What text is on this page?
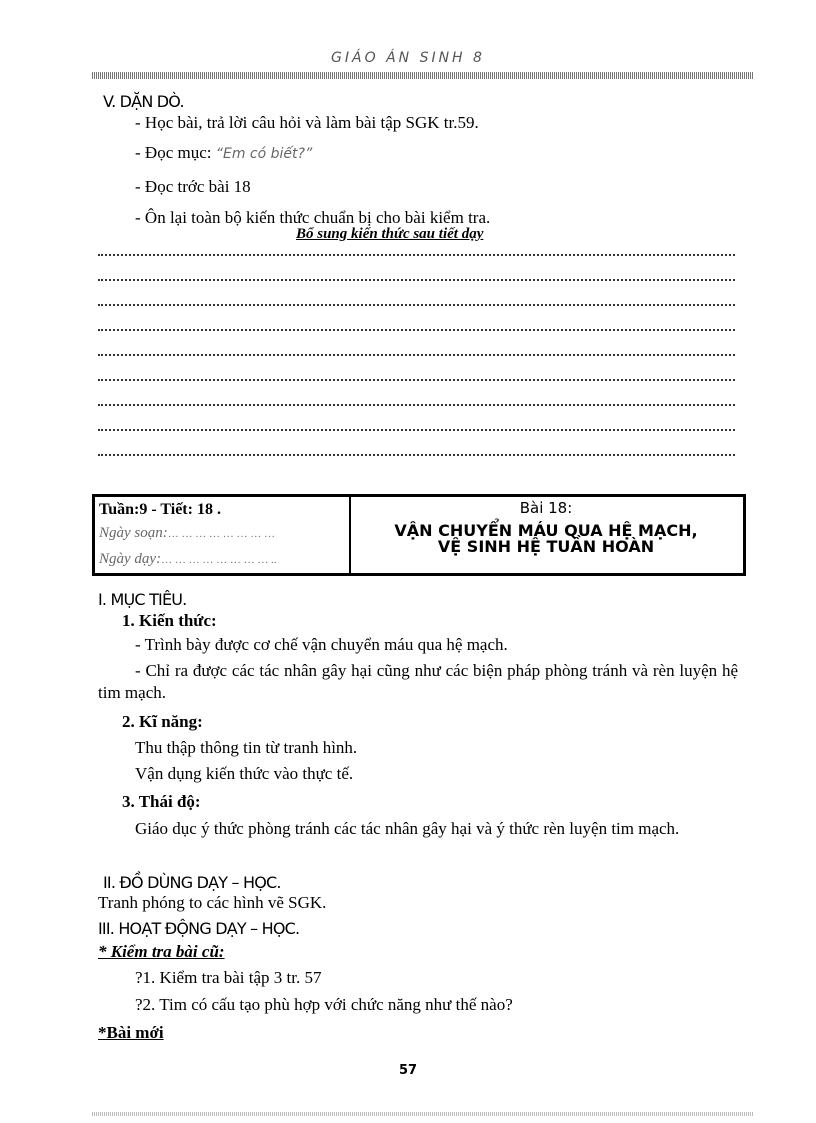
GIÁO ÁN SINH 8
V. DẶN DÒ.
- Học bài, trả lời câu hỏi và làm bài tập SGK tr.59.
- Đọc mục: “Em có biết?”
- Đọc trớc bài 18
- Ôn lại toàn bộ kiến thức chuẩn bị cho bài kiểm tra.
Bổ sung kiến thức sau tiết dạy
Tuần:9 - Tiết: 18 .
Ngày soạn:… … … … … … … …
Ngày dạy:… … … … … … … … ..
Bài 18:
VẬN CHUYỂN MÁU QUA HỆ MẠCH,
VỆ SINH HỆ TUẦN HOÀN
I. MỤC TIÊU.
1. Kiến thức:
- Trình bày được cơ chế vận chuyển máu qua hệ mạch.
- Chỉ ra được các tác nhân gây hại cũng như các biện pháp phòng tránh và rèn luyện hệ tim mạch.
2. Kĩ năng:
Thu thập thông tin từ tranh hình.
Vận dụng kiến thức vào thực tế.
3. Thái độ:
Giáo dục ý thức phòng tránh các tác nhân gây hại và ý thức rèn luyện tim mạch.
II. ĐỒ DÙNG DẠY – HỌC.
Tranh phóng to các hình vẽ SGK.
III. HOẠT ĐỘNG DẠY – HỌC.
* Kiểm tra bài cũ:
?1. Kiểm tra bài tập 3 tr. 57
?2. Tim có cấu tạo phù hợp với chức năng như thế nào?
*Bài mới
57
